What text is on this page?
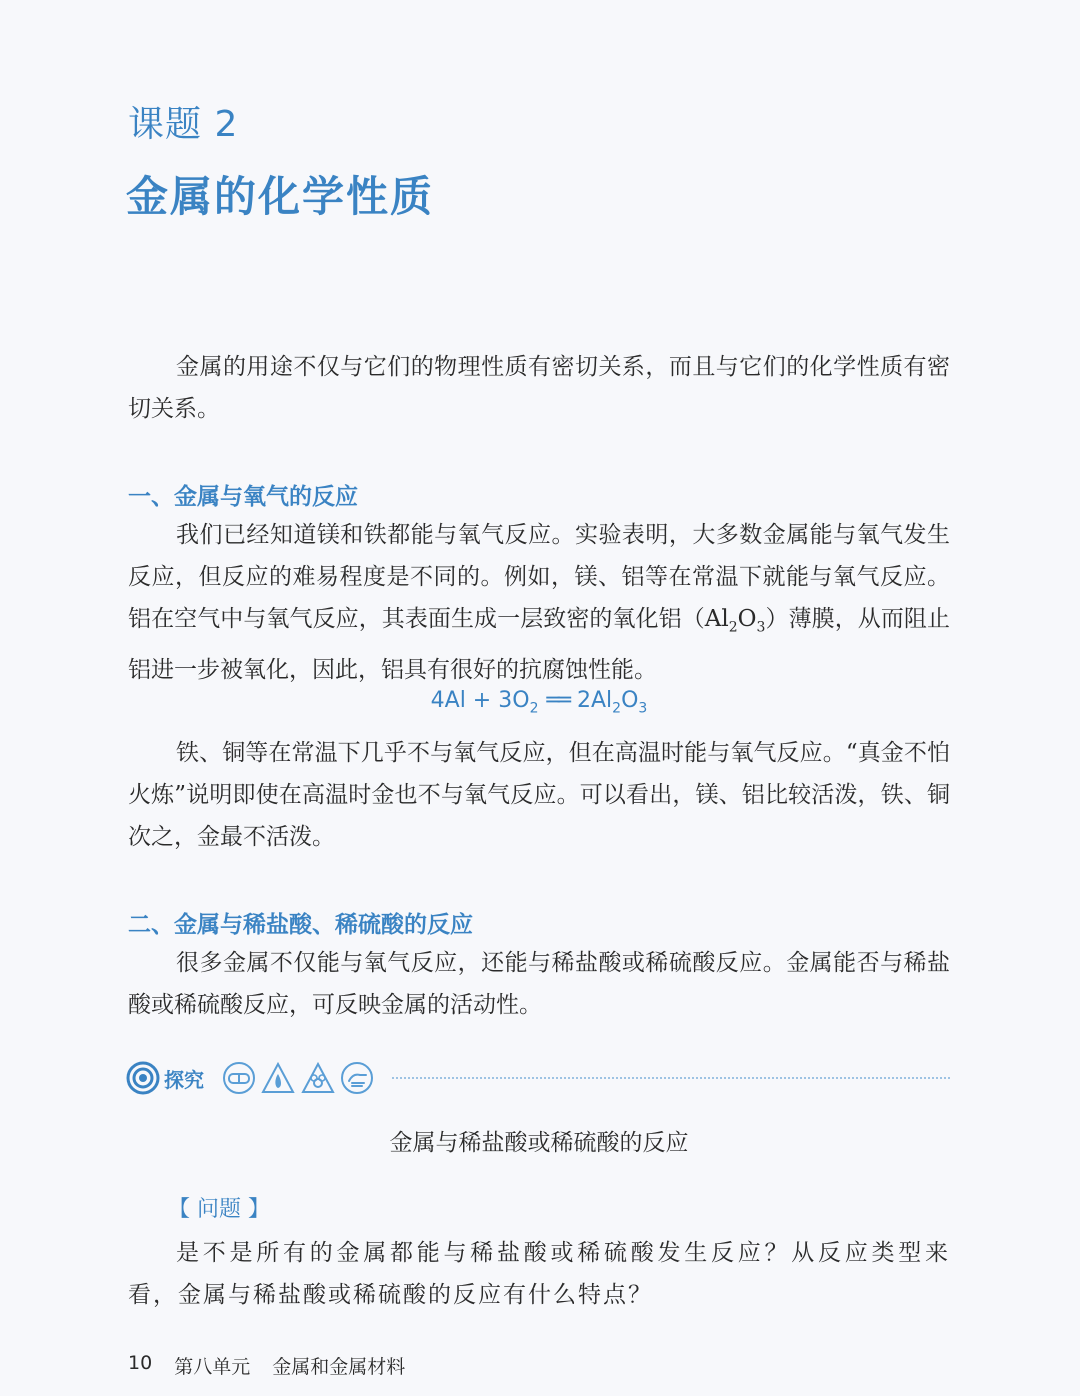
课题 2
金属的化学性质

金属的用途不仅与它们的物理性质有密切关系，而且与它们的化学性质有密切关系。

一、金属与氧气的反应

我们已经知道镁和铁都能与氧气反应。实验表明，大多数金属能与氧气发生反应，但反应的难易程度是不同的。例如，镁、铝等在常温下就能与氧气反应。铝在空气中与氧气反应，其表面生成一层致密的氧化铝$(Al_2O_3)$薄膜，从而阻止铝进一步被氧化，因此，铝具有很好的抗腐蚀性能。

$4Al + 3O_2$ ══ $2Al_2O_3$

铁、铜等在常温下几乎不与氧气反应，但在高温时能与氧气反应。“真金不怕火炼”说明即使在高温时金也不与氧气反应。可以看出，镁、铝比较活泼，铁、铜次之，金最不活泼。

二、金属与稀盐酸、稀硫酸的反应

很多金属不仅能与氧气反应，还能与稀盐酸或稀硫酸反应。金属能否与稀盐酸或稀硫酸反应，可反映金属的活动性。

探究
金属与稀盐酸或稀硫酸的反应
【 问题 】

是不是所有的金属都能与稀盐酸或稀硫酸发生反应？从反应类型来看，金属与稀盐酸或稀硫酸的反应有什么特点？

10 第八单元 金属和金属材料
